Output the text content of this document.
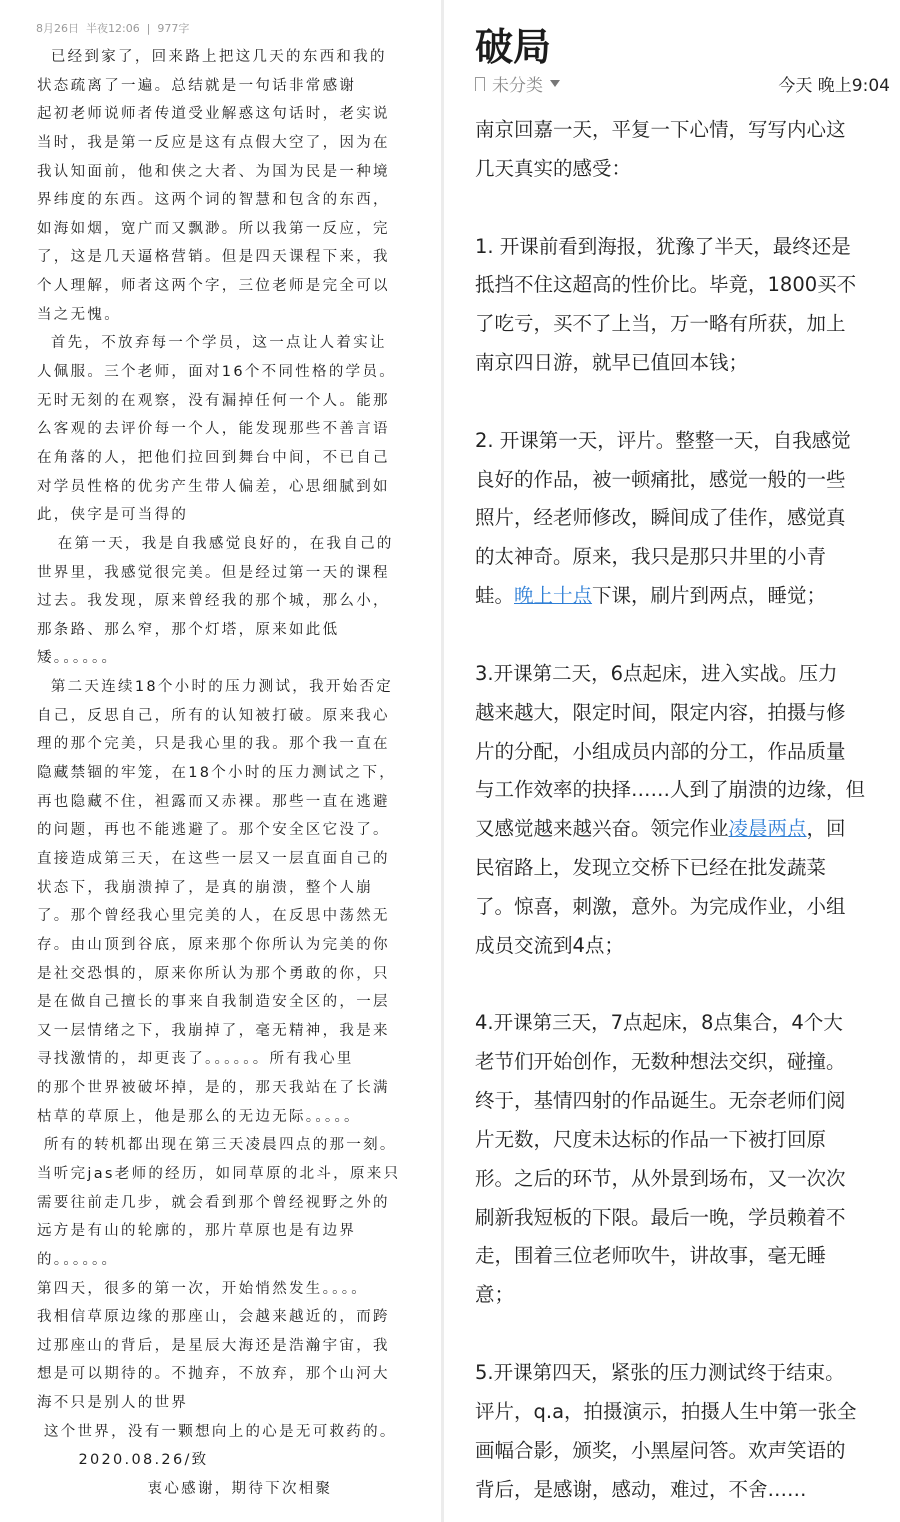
8月26日  半夜12:06  |  977字
已经到家了，回来路上把这几天的东西和我的
状态疏离了一遍。总结就是一句话非常感谢
起初老师说师者传道受业解惑这句话时，老实说
当时，我是第一反应是这有点假大空了，因为在
我认知面前，他和侠之大者、为国为民是一种境
界纬度的东西。这两个词的智慧和包含的东西，
如海如烟，宽广而又飘渺。所以我第一反应，完
了，这是几天逼格营销。但是四天课程下来，我
个人理解，师者这两个字，三位老师是完全可以
当之无愧。
首先，不放弃每一个学员，这一点让人着实让
人佩服。三个老师，面对16个不同性格的学员。
无时无刻的在观察，没有漏掉任何一个人。能那
么客观的去评价每一个人，能发现那些不善言语
在角落的人，把他们拉回到舞台中间，不已自己
对学员性格的优劣产生带人偏差，心思细腻到如
此，侠字是可当得的
在第一天，我是自我感觉良好的，在我自己的
世界里，我感觉很完美。但是经过第一天的课程
过去。我发现，原来曾经我的那个城，那么小，
那条路、那么窄，那个灯塔，原来如此低
矮。。。。。。
第二天连续18个小时的压力测试，我开始否定
自己，反思自己，所有的认知被打破。原来我心
理的那个完美，只是我心里的我。那个我一直在
隐藏禁锢的牢笼，在18个小时的压力测试之下，
再也隐藏不住，袒露而又赤裸。那些一直在逃避
的问题，再也不能逃避了。那个安全区它没了。
直接造成第三天，在这些一层又一层直面自己的
状态下，我崩溃掉了，是真的崩溃，整个人崩
了。那个曾经我心里完美的人，在反思中荡然无
存。由山顶到谷底，原来那个你所认为完美的你
是社交恐惧的，原来你所认为那个勇敢的你，只
是在做自己擅长的事来自我制造安全区的，一层
又一层情绪之下，我崩掉了，毫无精神，我是来
寻找激情的，却更丧了。。。。。。所有我心里
的那个世界被破坏掉，是的，那天我站在了长满
枯草的草原上，他是那么的无边无际。。。。。
所有的转机都出现在第三天凌晨四点的那一刻。
当听完jas老师的经历，如同草原的北斗，原来只
需要往前走几步，就会看到那个曾经视野之外的
远方是有山的轮廓的，那片草原也是有边界
的。。。。。。
第四天，很多的第一次，开始悄然发生。。。。
我相信草原边缘的那座山，会越来越近的，而跨
过那座山的背后，是星辰大海还是浩瀚宇宙，我
想是可以期待的。不抛弃，不放弃，那个山河大
海不只是别人的世界
这个世界，没有一颗想向上的心是无可救药的。
2020.08.26/致
衷心感谢，期待下次相聚
破局
未分类	今天 晚上9:04
南京回嘉一天，平复一下心情，写写内心这
几天真实的感受：
1. 开课前看到海报，犹豫了半天，最终还是
抵挡不住这超高的性价比。毕竟，1800买不
了吃亏，买不了上当，万一略有所获，加上
南京四日游，就早已值回本钱；
2. 开课第一天，评片。整整一天，自我感觉
良好的作品，被一顿痛批，感觉一般的一些
照片，经老师修改，瞬间成了佳作，感觉真
的太神奇。原来，我只是那只井里的小青
蛙。晚上十点下课，刷片到两点，睡觉；
3.开课第二天，6点起床，进入实战。压力
越来越大，限定时间，限定内容，拍摄与修
片的分配，小组成员内部的分工，作品质量
与工作效率的抉择……人到了崩溃的边缘，但
又感觉越来越兴奋。领完作业凌晨两点，回
民宿路上，发现立交桥下已经在批发蔬菜
了。惊喜，刺激，意外。为完成作业，小组
成员交流到4点；
4.开课第三天，7点起床，8点集合，4个大
老节们开始创作，无数种想法交织，碰撞。
终于，基情四射的作品诞生。无奈老师们阅
片无数，尺度未达标的作品一下被打回原
形。之后的环节，从外景到场布，又一次次
刷新我短板的下限。最后一晚，学员赖着不
走，围着三位老师吹牛，讲故事，毫无睡
意；
5.开课第四天，紧张的压力测试终于结束。
评片，q.a，拍摄演示，拍摄人生中第一张全
画幅合影，颁奖，小黑屋问答。欢声笑语的
背后，是感谢，感动，难过，不舍……
